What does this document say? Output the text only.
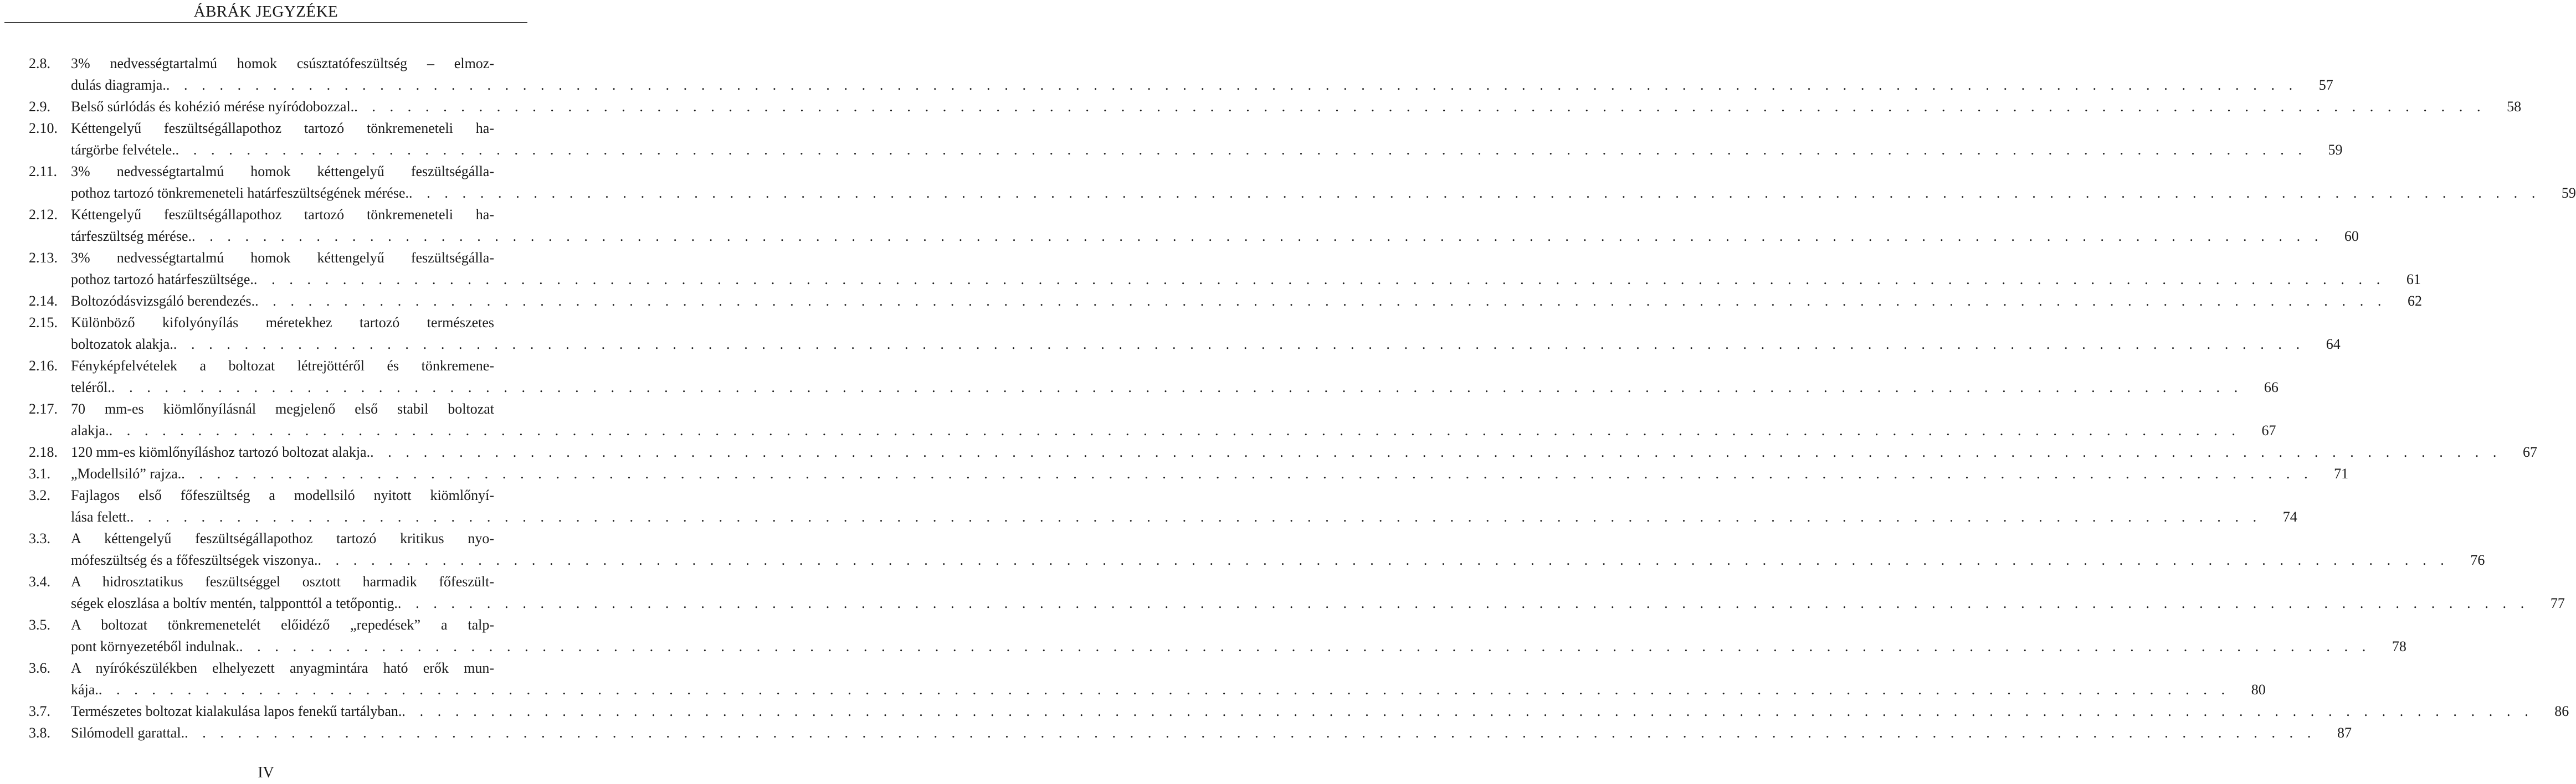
ÁBRÁK JEGYZÉKE
2.8.	3% nedvességtartalmú homok csúsztatófeszültség – elmoz-
dulás diagramja. . . . . . . . . . . . . . . . . . . . . . . . . . . . . . . . . . . . . . . . . . . . . . . . . . . . . . . . . . . . . . . . . . . . . . . . . . . . . . . . . . . . . . . . . . . . . . . . . . . . . . . . . . . . . . . . . . . . . . . . .	57
2.9.	Belső súrlódás és kohézió mérése nyíródobozzal. . . . . . . . . . . . . . . . . . . . . . . . . . . . . . . . . . . . . . . . . . . . . . . . . . . . . . . . . . . . . . . . . . . . . . . . . . . . . . . . . . . . . . . . . . . . . . . . . . . . . . . . . . . . . . . . . . . . . . . . .	58
2.10. Kéttengelyű feszültségállapothoz tartozó tönkremeneteli ha-
tárgörbe felvétele. . . . . . . . . . . . . . . . . . . . . . . . . . . . . . . . . . . . . . . . . . . . . . . . . . . . . . . . . . . . . . . . . . . . . . . . . . . . . . . . . . . . . . . . . . . . . . . . . . . . . . . . . . . . . . . . . . . . . . . . .	59
2.11. 3% nedvességtartalmú homok kéttengelyű feszültségálla-
pothoz tartozó tönkremeneteli határfeszültségének mérése. . . . . . . . . . . . . . . . . . . . . . . . . . . . . . . . . . . . . . . . . . . . . . . . . . . . . . . . . . . . . . . . . . . . . . . . . . . . . . . . . . . . . . . . . . . . . . . . . . . . . . . . . . . . . . . . . . . . . . . . .	59
2.12. Kéttengelyű feszültségállapothoz tartozó tönkremeneteli ha-
tárfeszültség mérése. . . . . . . . . . . . . . . . . . . . . . . . . . . . . . . . . . . . . . . . . . . . . . . . . . . . . . . . . . . . . . . . . . . . . . . . . . . . . . . . . . . . . . . . . . . . . . . . . . . . . . . . . . . . . . . . . . . . . . . . .	60
2.13. 3% nedvességtartalmú homok kéttengelyű feszültségálla-
pothoz tartozó határfeszültsége. . . . . . . . . . . . . . . . . . . . . . . . . . . . . . . . . . . . . . . . . . . . . . . . . . . . . . . . . . . . . . . . . . . . . . . . . . . . . . . . . . . . . . . . . . . . . . . . . . . . . . . . . . . . . . . . . . . . . . . . .	61
2.14. Boltozódásvizsgáló berendezés. . . . . . . . . . . . . . . . . . . . . . . . . . . . . . . . . . . . . . . . . . . . . . . . . . . . . . . . . . . . . . . . . . . . . . . . . . . . . . . . . . . . . . . . . . . . . . . . . . . . . . . . . . . . . . . . . . . . . . . . .	62
2.15. Különböző kifolyónyílás méretekhez tartozó természetes
boltozatok alakja. . . . . . . . . . . . . . . . . . . . . . . . . . . . . . . . . . . . . . . . . . . . . . . . . . . . . . . . . . . . . . . . . . . . . . . . . . . . . . . . . . . . . . . . . . . . . . . . . . . . . . . . . . . . . . . . . . . . . . . . .	64
2.16. Fényképfelvételek a boltozat létrejöttéről és tönkremene-
teléről. . . . . . . . . . . . . . . . . . . . . . . . . . . . . . . . . . . . . . . . . . . . . . . . . . . . . . . . . . . . . . . . . . . . . . . . . . . . . . . . . . . . . . . . . . . . . . . . . . . . . . . . . . . . . . . . . . . . . . . . .	66
2.17. 70 mm-es kiömlőnyílásnál megjelenő első stabil boltozat
alakja. . . . . . . . . . . . . . . . . . . . . . . . . . . . . . . . . . . . . . . . . . . . . . . . . . . . . . . . . . . . . . . . . . . . . . . . . . . . . . . . . . . . . . . . . . . . . . . . . . . . . . . . . . . . . . . . . . . . . . . . .	67
2.18. 120 mm-es kiömlőnyíláshoz tartozó boltozat alakja. . . . . . . . . . . . . . . . . . . . . . . . . . . . . . . . . . . . . . . . . . . . . . . . . . . . . . . . . . . . . . . . . . . . . . . . . . . . . . . . . . . . . . . . . . . . . . . . . . . . . . . . . . . . . . . . . . . . . . . . .	67
3.1.	„Modellsiló” rajza. . . . . . . . . . . . . . . . . . . . . . . . . . . . . . . . . . . . . . . . . . . . . . . . . . . . . . . . . . . . . . . . . . . . . . . . . . . . . . . . . . . . . . . . . . . . . . . . . . . . . . . . . . . . . . . . . . . . . . . . .	71
3.2.	Fajlagos első főfeszültség a modellsiló nyitott kiömlőnyí-
lása felett. . . . . . . . . . . . . . . . . . . . . . . . . . . . . . . . . . . . . . . . . . . . . . . . . . . . . . . . . . . . . . . . . . . . . . . . . . . . . . . . . . . . . . . . . . . . . . . . . . . . . . . . . . . . . . . . . . . . . . . . .	74
3.3.	A kéttengelyű feszültségállapothoz tartozó kritikus nyo-
mófeszültség és a főfeszültségek viszonya. . . . . . . . . . . . . . . . . . . . . . . . . . . . . . . . . . . . . . . . . . . . . . . . . . . . . . . . . . . . . . . . . . . . . . . . . . . . . . . . . . . . . . . . . . . . . . . . . . . . . . . . . . . . . . . . . . . . . . . . .	76
3.4.	A hidrosztatikus feszültséggel osztott harmadik főfeszült-
ségek eloszlása a boltív mentén, talpponttól a tetőpontig. . . . . . . . . . . . . . . . . . . . . . . . . . . . . . . . . . . . . . . . . . . . . . . . . . . . . . . . . . . . . . . . . . . . . . . . . . . . . . . . . . . . . . . . . . . . . . . . . . . . . . . . . . . . . . . . . . . . . . . . .	77
3.5.	A boltozat tönkremenetelét előidéző „repedések” a talp-
pont környezetéből indulnak. . . . . . . . . . . . . . . . . . . . . . . . . . . . . . . . . . . . . . . . . . . . . . . . . . . . . . . . . . . . . . . . . . . . . . . . . . . . . . . . . . . . . . . . . . . . . . . . . . . . . . . . . . . . . . . . . . . . . . . . .	78
3.6.	A nyírókészülékben elhelyezett anyagmintára ható erők mun-
kája. . . . . . . . . . . . . . . . . . . . . . . . . . . . . . . . . . . . . . . . . . . . . . . . . . . . . . . . . . . . . . . . . . . . . . . . . . . . . . . . . . . . . . . . . . . . . . . . . . . . . . . . . . . . . . . . . . . . . . . . .	80
3.7.	Természetes boltozat kialakulása lapos fenekű tartályban. . . . . . . . . . . . . . . . . . . . . . . . . . . . . . . . . . . . . . . . . . . . . . . . . . . . . . . . . . . . . . . . . . . . . . . . . . . . . . . . . . . . . . . . . . . . . . . . . . . . . . . . . . . . . . . . . . . . . . . . .	86
3.8.	Silómodell garattal. . . . . . . . . . . . . . . . . . . . . . . . . . . . . . . . . . . . . . . . . . . . . . . . . . . . . . . . . . . . . . . . . . . . . . . . . . . . . . . . . . . . . . . . . . . . . . . . . . . . . . . . . . . . . . . . . . . . . . . . .	87
IV
